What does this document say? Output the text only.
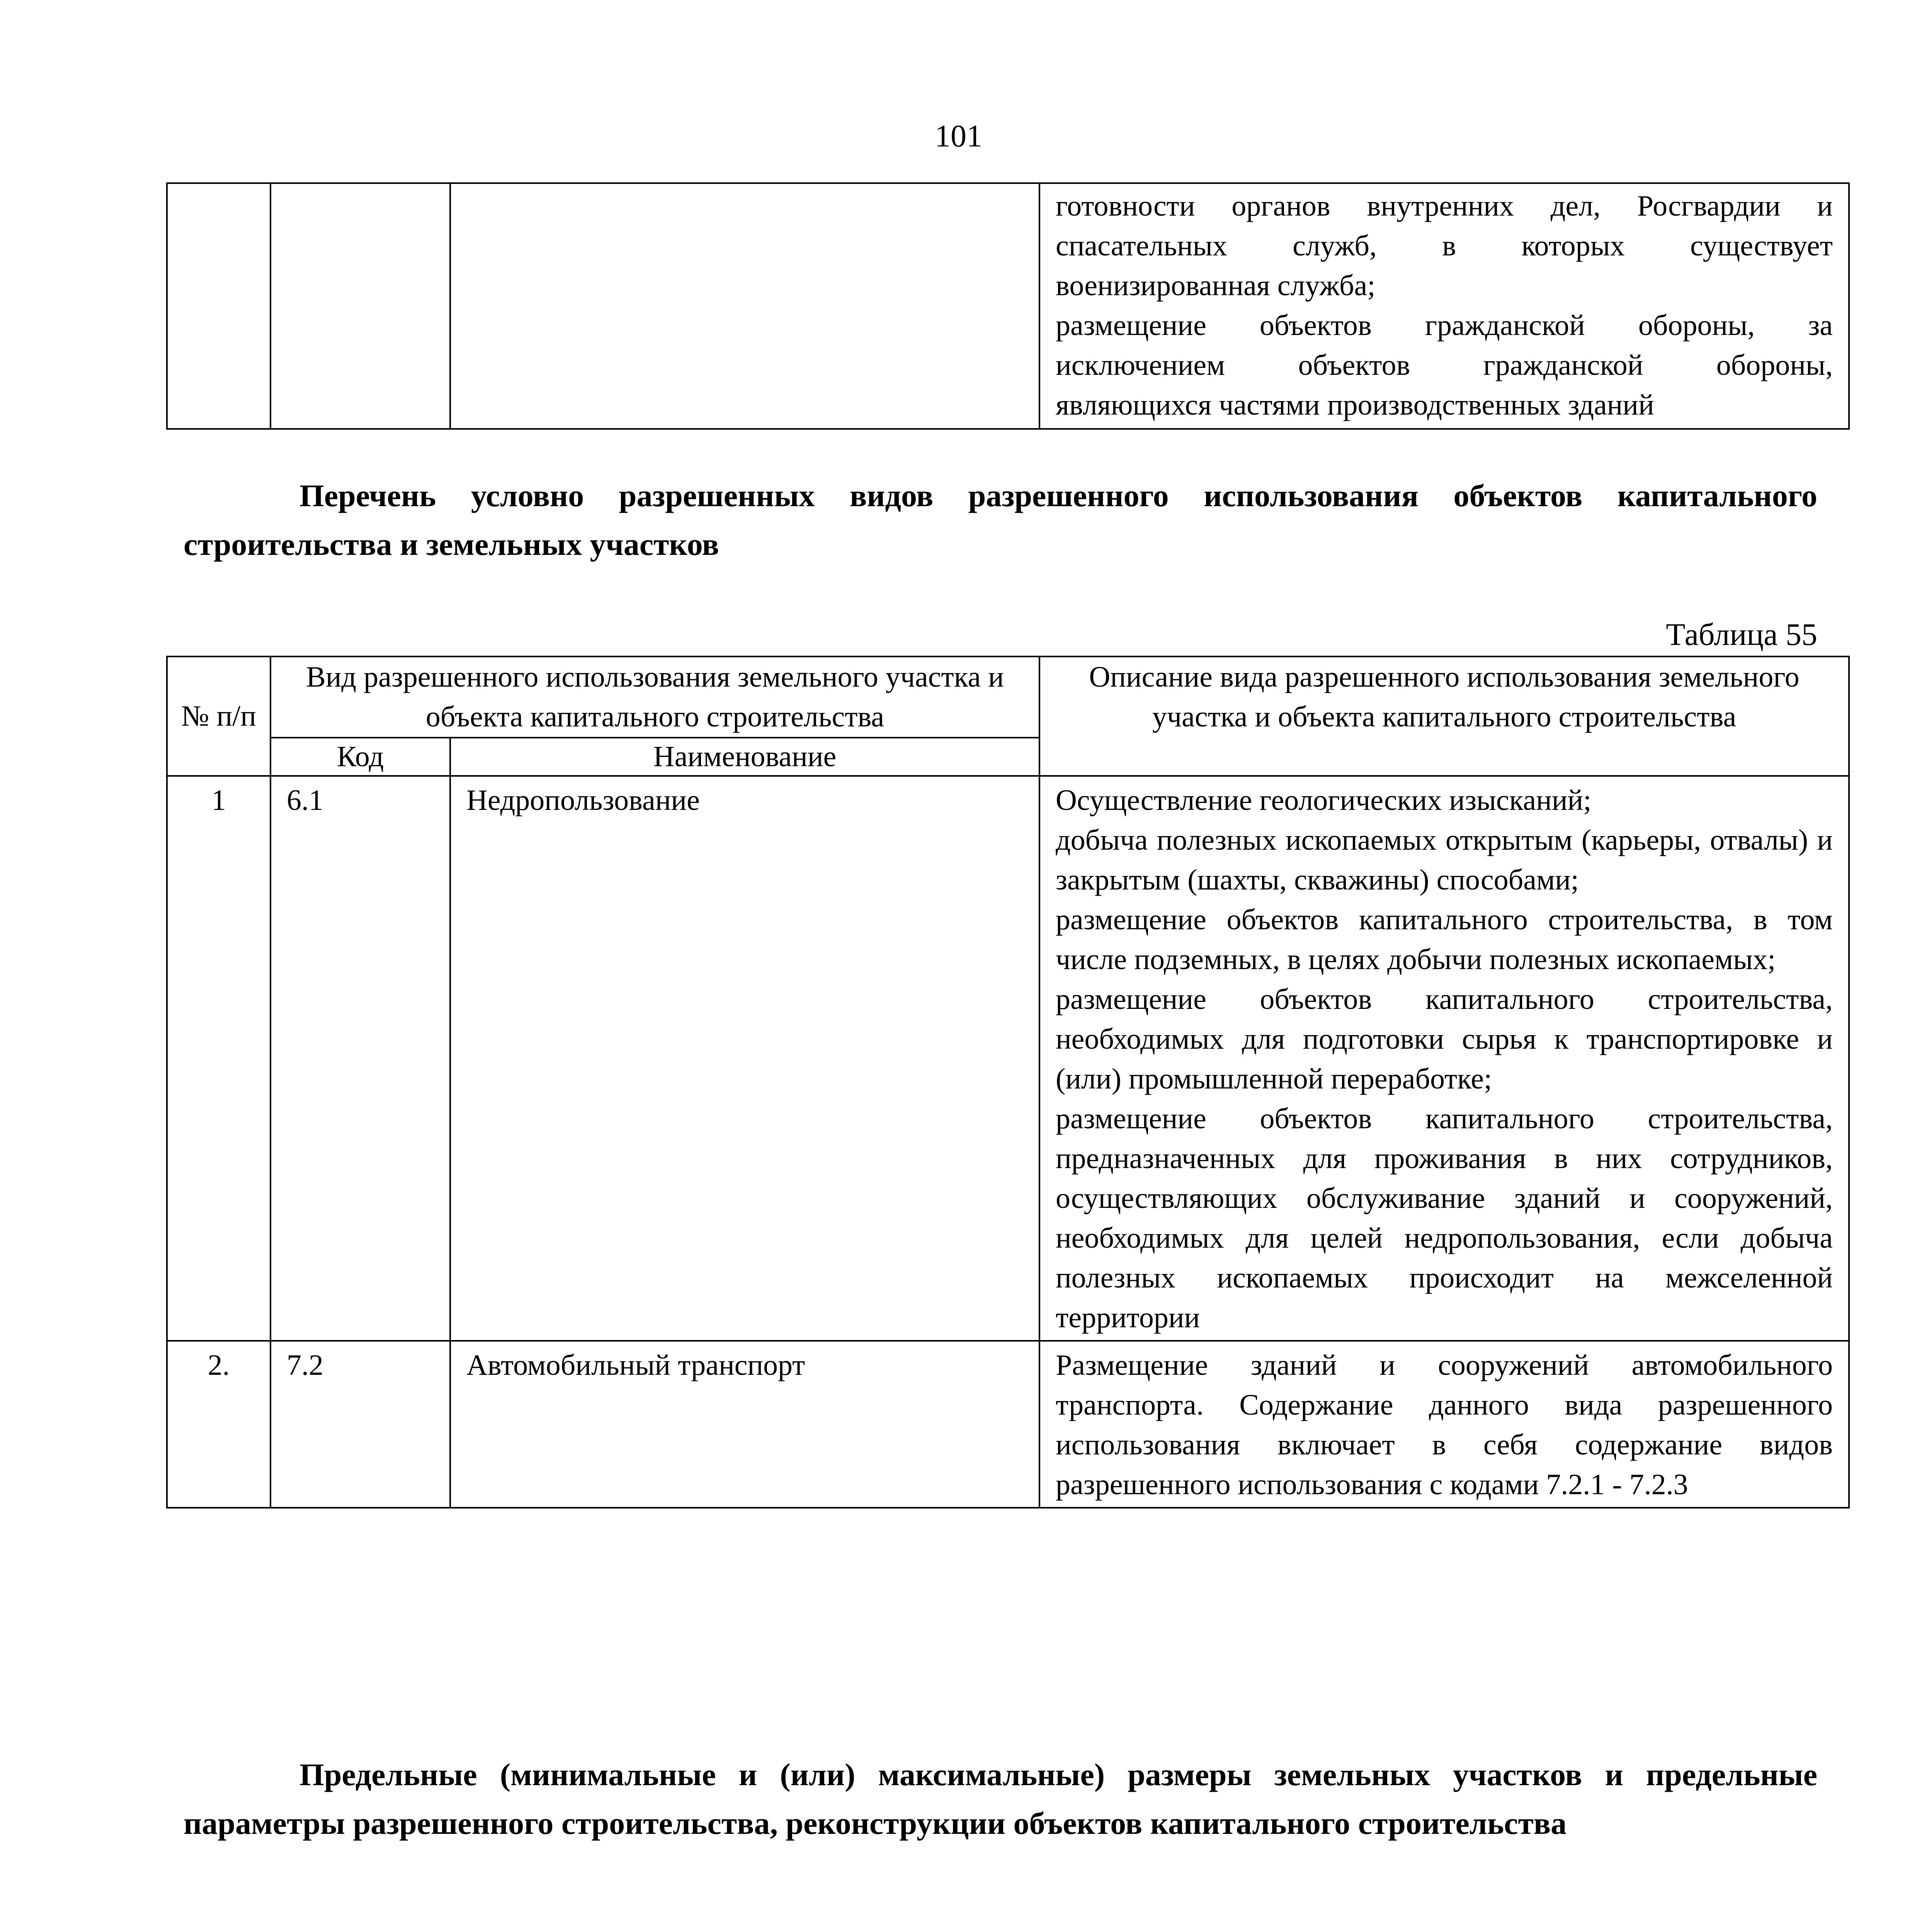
101

готовности органов внутренних дел, Росгвардии и
спасательных служб, в которых существует
военизированная служба;
размещение объектов гражданской обороны, за
исключением объектов гражданской обороны,
являющихся частями производственных зданий
Перечень условно разрешенных видов разрешенного использования объектов капитального строительства и земельных участков
Таблица 55
№ п/п	Вид разрешенного использования земельного участка и объекта капитального строительства		Описание вида разрешенного использования земельного участка и объекта капитального строительства
	Код	Наименование	
1	6.1	Недропользование	Осуществление геологических изысканий;
добыча полезных ископаемых открытым (карьеры, отвалы) и закрытым (шахты, скважины) способами;
размещение объектов капитального строительства, в том числе подземных, в целях добычи полезных ископаемых;
размещение объектов капитального строительства, необходимых для подготовки сырья к транспортировке и (или) промышленной переработке;
размещение объектов капитального строительства, предназначенных для проживания в них сотрудников, осуществляющих обслуживание зданий и сооружений, необходимых для целей недропользования, если добыча полезных ископаемых происходит на межселенной территории

2.	7.2	Автомобильный транспорт	Размещение зданий и сооружений автомобильного транспорта. Содержание данного вида разрешенного использования включает в себя содержание видов разрешенного использования с кодами 7.2.1 - 7.2.3
Предельные (минимальные и (или) максимальные) размеры земельных участков и предельные параметры разрешенного строительства, реконструкции объектов капитального строительства
